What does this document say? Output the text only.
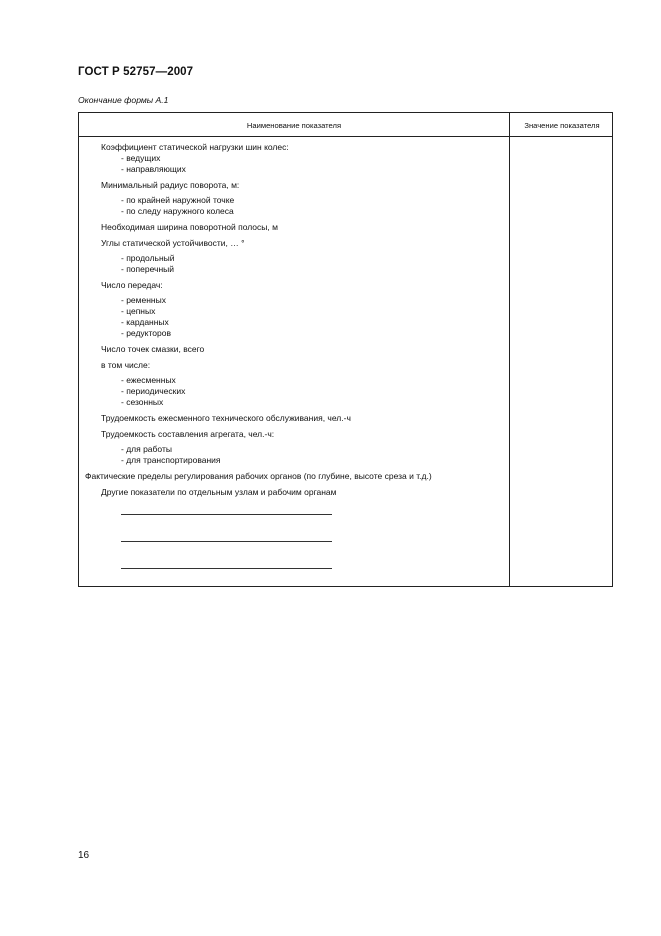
ГОСТ Р 52757—2007
Окончание формы А.1
Наименование показателя	Значение показателя
Коэффициент статической нагрузки шин колес:
- ведущих
- направляющих
Минимальный радиус поворота, м:
- по крайней наружной точке
- по следу наружного колеса
Необходимая ширина поворотной полосы, м
Углы статической устойчивости, … °
- продольный
- поперечный
Число передач:
- ременных
- цепных
- карданных
- редукторов
Число точек смазки, всего
в том числе:
- ежесменных
- периодических
- сезонных
Трудоемкость ежесменного технического обслуживания, чел.-ч
Трудоемкость составления агрегата, чел.-ч:
- для работы
- для транспортирования
Фактические пределы регулирования рабочих органов (по глубине, высоте среза и т.д.)
Другие показатели по отдельным узлам и рабочим органам
16
